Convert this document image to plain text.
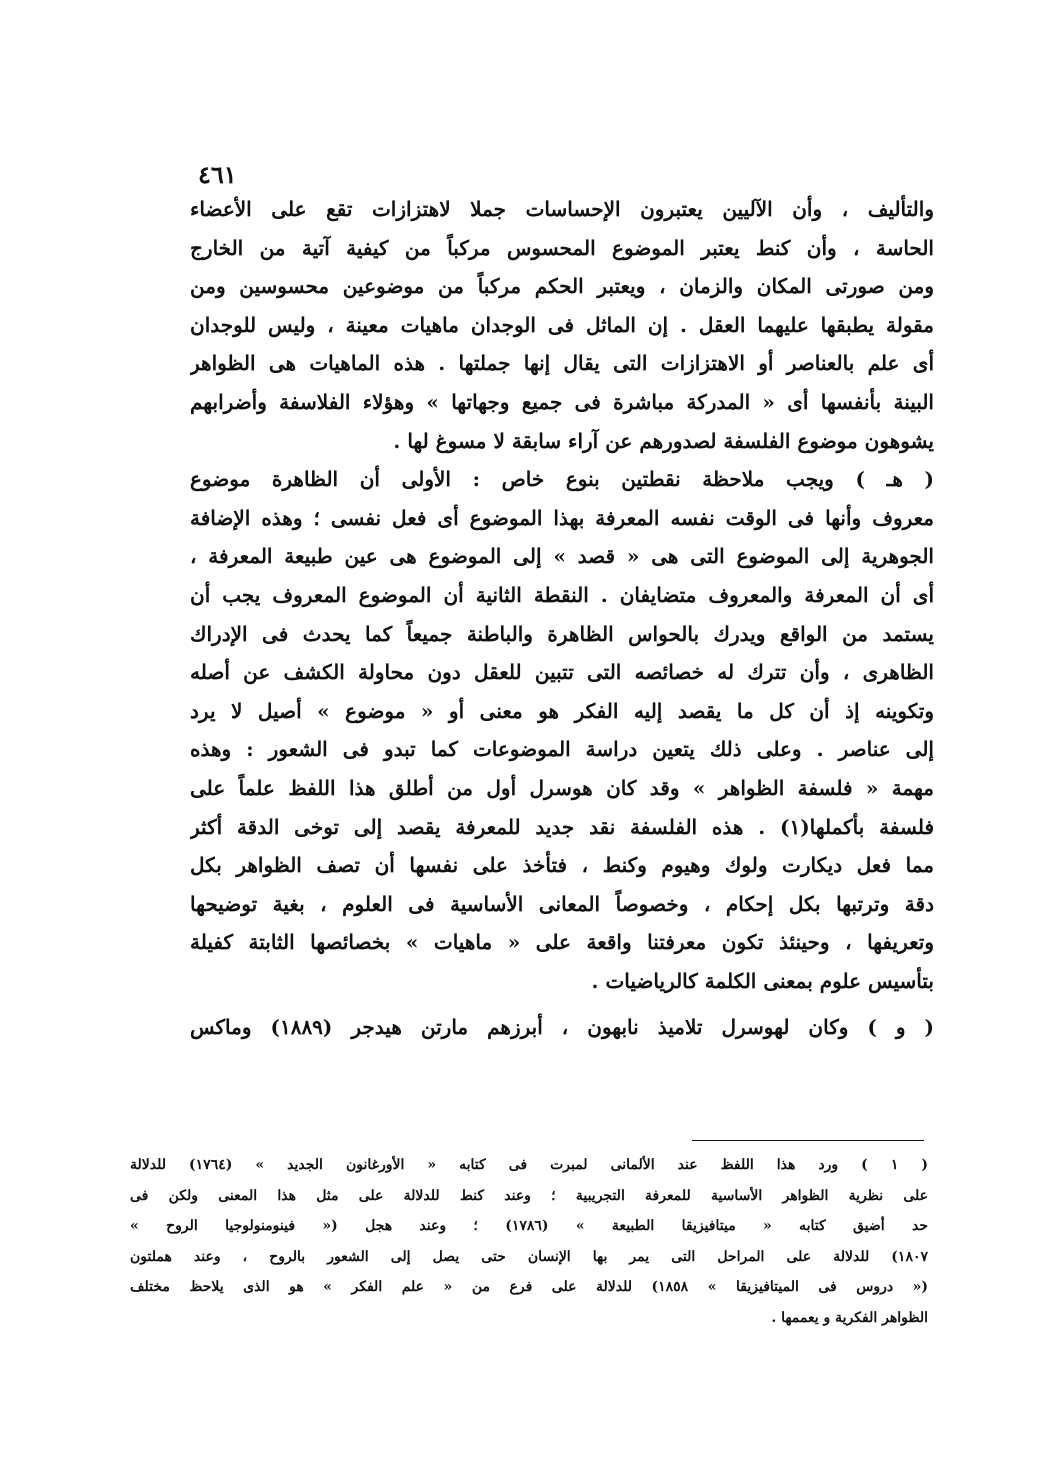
٤٦١
والتأليف ، وأن الآليين يعتبرون الإحساسات جملا لاهتزازات تقع على الأعضاء
الحاسة ، وأن كنط يعتبر الموضوع المحسوس مركباً من كيفية آتية من الخارج
ومن صورتى المكان والزمان ، ويعتبر الحكم مركباً من موضوعين محسوسين ومن
مقولة يطبقها عليهما العقل . إن الماثل فى الوجدان ماهيات معينة ، وليس للوجدان
أى علم بالعناصر أو الاهتزازات التى يقال إنها جملتها . هذه الماهيات هى الظواهر
البينة بأنفسها أى « المدركة مباشرة فى جميع وجهاتها » وهؤلاء الفلاسفة وأضرابهم
يشوهون موضوع الفلسفة لصدورهم عن آراء سابقة لا مسوغ لها .
( هـ ) ويجب ملاحظة نقطتين بنوع خاص : الأولى أن الظاهرة موضوع
معروف وأنها فى الوقت نفسه المعرفة بهذا الموضوع أى فعل نفسى ؛ وهذه الإضافة
الجوهرية إلى الموضوع التى هى « قصد » إلى الموضوع هى عين طبيعة المعرفة ،
أى أن المعرفة والمعروف متضايفان . النقطة الثانية أن الموضوع المعروف يجب أن
يستمد من الواقع ويدرك بالحواس الظاهرة والباطنة جميعاً كما يحدث فى الإدراك
الظاهرى ، وأن تترك له خصائصه التى تتبين للعقل دون محاولة الكشف عن أصله
وتكوينه إذ أن كل ما يقصد إليه الفكر هو معنى أو « موضوع » أصيل لا يرد
إلى عناصر . وعلى ذلك يتعين دراسة الموضوعات كما تبدو فى الشعور : وهذه
مهمة « فلسفة الظواهر » وقد كان هوسرل أول من أطلق هذا اللفظ علماً على
فلسفة بأكملها(١) . هذه الفلسفة نقد جديد للمعرفة يقصد إلى توخى الدقة أكثر
مما فعل ديكارت ولوك وهيوم وكنط ، فتأخذ على نفسها أن تصف الظواهر بكل
دقة وترتبها بكل إحكام ، وخصوصاً المعانى الأساسية فى العلوم ، بغية توضيحها
وتعريفها ، وحينئذ تكون معرفتنا واقعة على « ماهيات » بخصائصها الثابتة كفيلة
بتأسيس علوم بمعنى الكلمة كالرياضيات .
( و ) وكان لهوسرل تلاميذ نابهون ، أبرزهم مارتن هيدجر (١٨٨٩) وماكس
( ١ ) ورد هذا اللفظ عند الألمانى لمبرت فى كتابه « الأورغانون الجديد » (١٧٦٤) للدلالة
على نظرية الظواهر الأساسية للمعرفة التجريبية ؛ وعند كنط للدلالة على مثل هذا المعنى ولكن فى
حد أضيق كتابه « ميتافيزيقا الطبيعة » (١٧٨٦) ؛ وعند هجل (« فينومنولوجيا الروح »
١٨٠٧) للدلالة على المراحل التى يمر بها الإنسان حتى يصل إلى الشعور بالروح ، وعند هملتون
(« دروس فى الميتافيزيقا » ١٨٥٨) للدلالة على فرع من « علم الفكر » هو الذى يلاحظ مختلف
الظواهر الفكرية و يعممها .
